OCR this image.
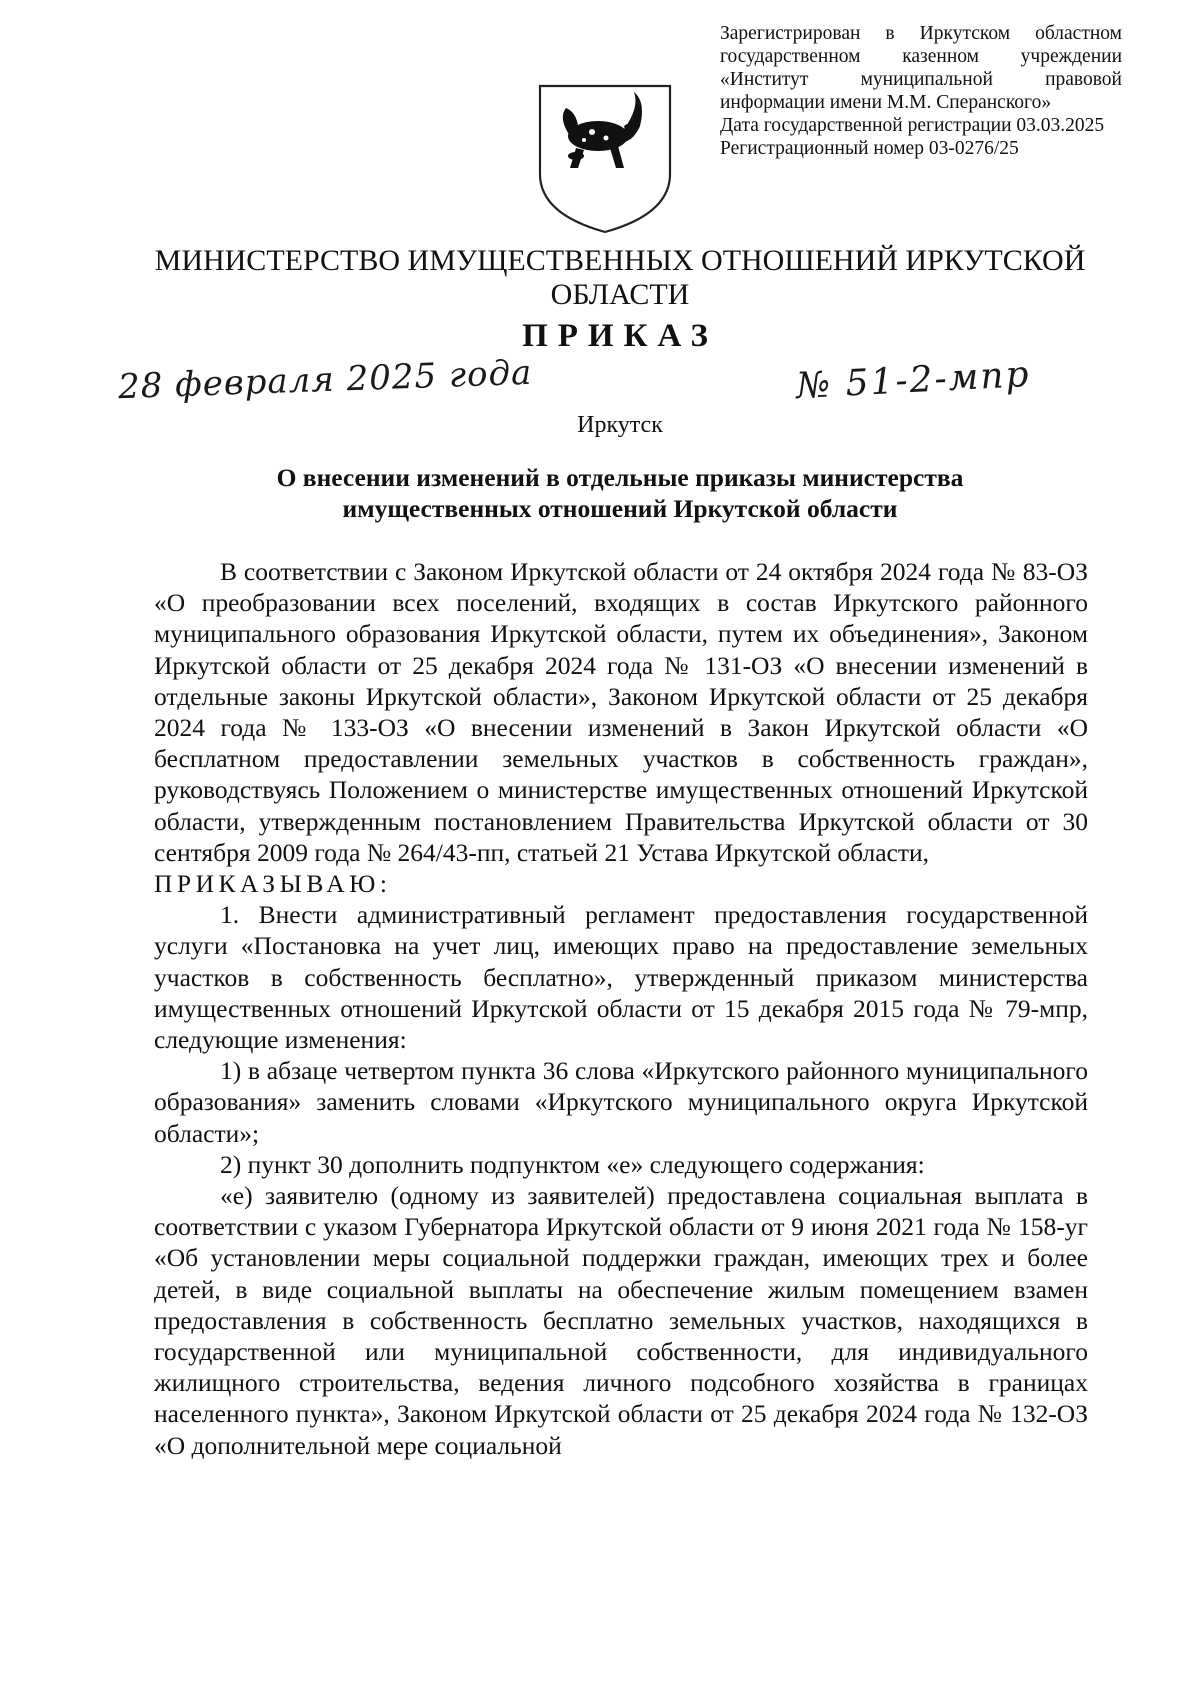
Зарегистрирован в Иркутском областном
государственном казенном учреждении
«Институт муниципальной правовой
информации имени М.М. Сперанского»
Дата государственной регистрации 03.03.2025
Регистрационный номер 03-0276/25
МИНИСТЕРСТВО ИМУЩЕСТВЕННЫХ ОТНОШЕНИЙ ИРКУТСКОЙ ОБЛАСТИ
ПРИКАЗ
28 февраля 2025 года	№ 51-2-мпр
Иркутск
О внесении изменений в отдельные приказы министерства имущественных отношений Иркутской области

В соответствии с Законом Иркутской области от 24 октября 2024 года № 83-ОЗ «О преобразовании всех поселений, входящих в состав Иркутского районного муниципального образования Иркутской области, путем их объединения», Законом Иркутской области от 25 декабря 2024 года № 131-ОЗ «О внесении изменений в отдельные законы Иркутской области», Законом Иркутской области от 25 декабря 2024 года № 133-ОЗ «О внесении изменений в Закон Иркутской области «О бесплатном предоставлении земельных участков в собственность граждан», руководствуясь Положением о министерстве имущественных отношений Иркутской области, утвержденным постановлением Правительства Иркутской области от 30 сентября 2009 года № 264/43-пп, статьей 21 Устава Иркутской области,

ПРИКАЗЫВАЮ:

1. Внести административный регламент предоставления государственной услуги «Постановка на учет лиц, имеющих право на предоставление земельных участков в собственность бесплатно», утвержденный приказом министерства имущественных отношений Иркутской области от 15 декабря 2015 года № 79-мпр, следующие изменения:

1) в абзаце четвертом пункта 36 слова «Иркутского районного муниципального образования» заменить словами «Иркутского муниципального округа Иркутской области»;

2) пункт 30 дополнить подпунктом «е» следующего содержания:

«е) заявителю (одному из заявителей) предоставлена социальная выплата в соответствии с указом Губернатора Иркутской области от 9 июня 2021 года № 158-уг «Об установлении меры социальной поддержки граждан, имеющих трех и более детей, в виде социальной выплаты на обеспечение жилым помещением взамен предоставления в собственность бесплатно земельных участков, находящихся в государственной или муниципальной собственности, для индивидуального жилищного строительства, ведения личного подсобного хозяйства в границах населенного пункта», Законом Иркутской области от 25 декабря 2024 года № 132-ОЗ «О дополнительной мере социальной
